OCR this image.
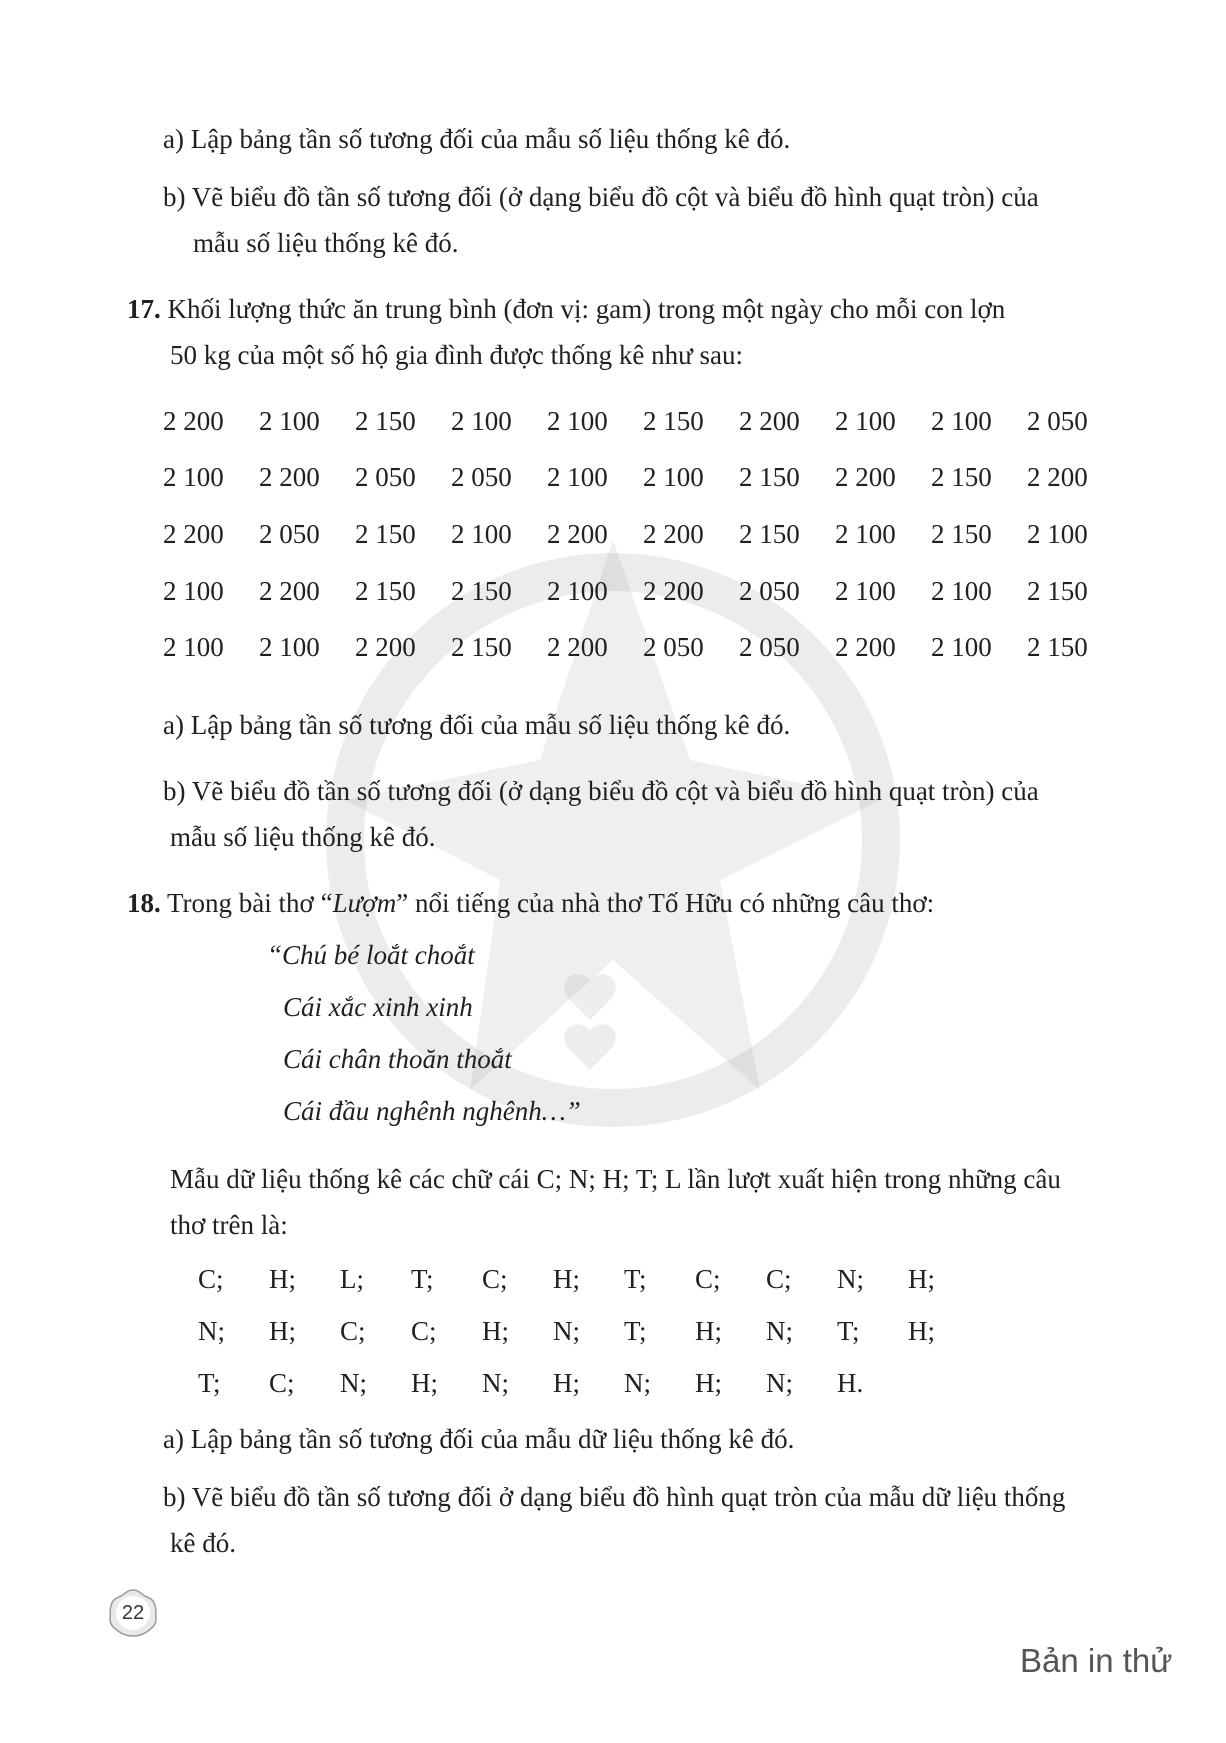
a) Lập bảng tần số tương đối của mẫu số liệu thống kê đó.
b) Vẽ biểu đồ tần số tương đối (ở dạng biểu đồ cột và biểu đồ hình quạt tròn) của
mẫu số liệu thống kê đó.
17. Khối lượng thức ăn trung bình (đơn vị: gam) trong một ngày cho mỗi con lợn
50 kg của một số hộ gia đình được thống kê như sau:
2 200 2 100 2 150 2 100 2 100 2 150 2 200 2 100 2 100 2 050
2 100 2 200 2 050 2 050 2 100 2 100 2 150 2 200 2 150 2 200
2 200 2 050 2 150 2 100 2 200 2 200 2 150 2 100 2 150 2 100
2 100 2 200 2 150 2 150 2 100 2 200 2 050 2 100 2 100 2 150
2 100 2 100 2 200 2 150 2 200 2 050 2 050 2 200 2 100 2 150
a) Lập bảng tần số tương đối của mẫu số liệu thống kê đó.
b) Vẽ biểu đồ tần số tương đối (ở dạng biểu đồ cột và biểu đồ hình quạt tròn) của
mẫu số liệu thống kê đó.
18. Trong bài thơ “Lượm” nổi tiếng của nhà thơ Tố Hữu có những câu thơ:
“Chú bé loắt choắt
Cái xắc xinh xinh
Cái chân thoăn thoắt
Cái đầu nghênh nghênh…”
Mẫu dữ liệu thống kê các chữ cái C; N; H; T; L lần lượt xuất hiện trong những câu
thơ trên là:
C; H; L; T; C; H; T; C; C; N; H;
N; H; C; C; H; N; T; H; N; T; H;
T; C; N; H; N; H; N; H; N; H.
a) Lập bảng tần số tương đối của mẫu dữ liệu thống kê đó.
b) Vẽ biểu đồ tần số tương đối ở dạng biểu đồ hình quạt tròn của mẫu dữ liệu thống
kê đó.
22
Bản in thử
